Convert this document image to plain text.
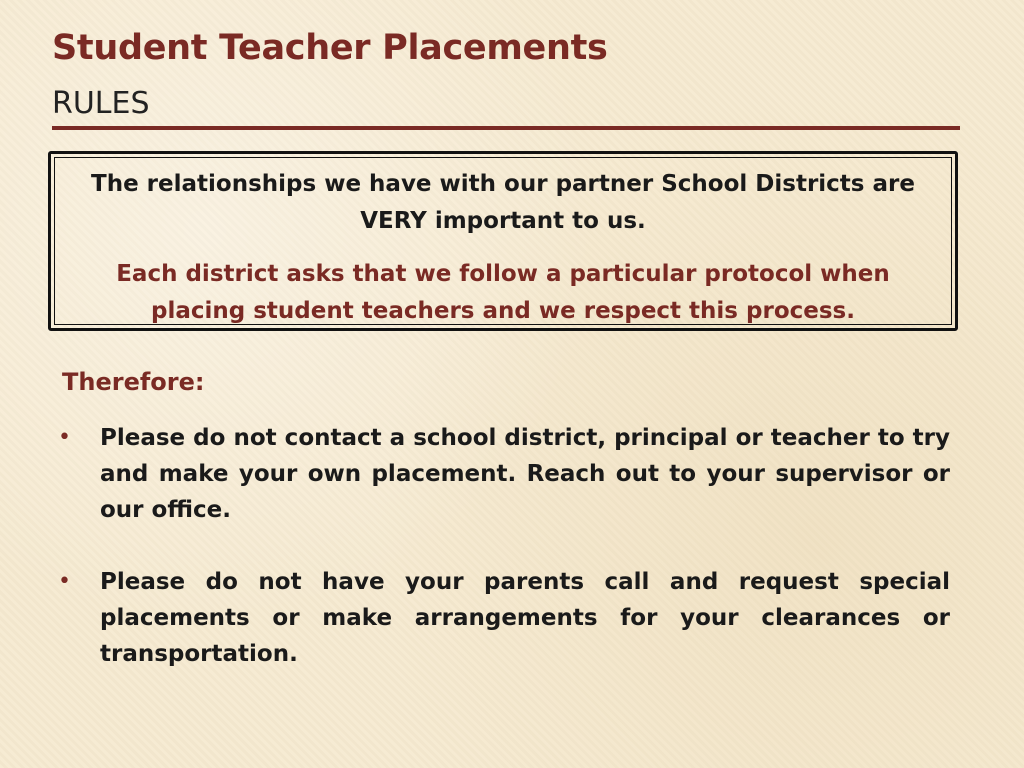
Student Teacher Placements
RULES
The relationships we have with our partner School Districts are VERY important to us.
Each district asks that we follow a particular protocol when placing student teachers and we respect this process.
Therefore:
• Please do not contact a school district, principal or teacher to try and make your own placement. Reach out to your supervisor or our office.
• Please do not have your parents call and request special placements or make arrangements for your clearances or transportation.
